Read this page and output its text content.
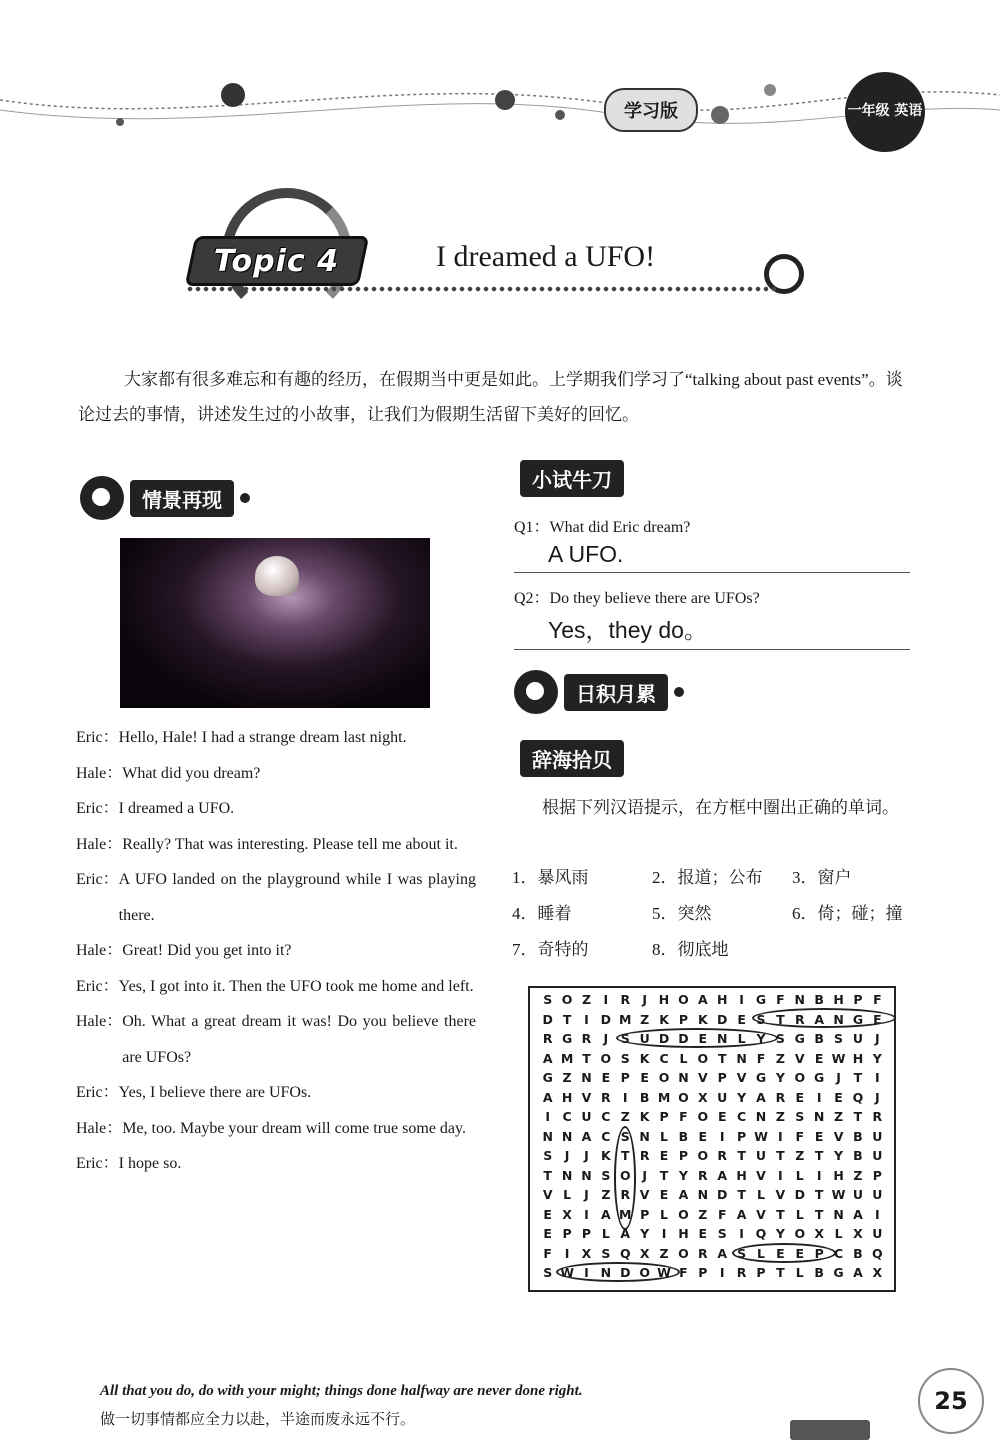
学习版	一年级 英语
Topic 4	I dreamed a UFO!

大家都有很多难忘和有趣的经历，在假期当中更是如此。上学期我们学习了“talking about past events”。谈论过去的事情，讲述发生过的小故事，让我们为假期生活留下美好的回忆。

情景再现
Eric： Hello, Hale! I had a strange dream last night.
Hale： What did you dream?
Eric： I dreamed a UFO.
Hale： Really? That was interesting. Please tell me about it.
Eric： A UFO landed on the playground while I was playing there.
Hale： Great! Did you get into it?
Eric： Yes, I got into it. Then the UFO took me home and left.
Hale： Oh. What a great dream it was! Do you believe there are UFOs?
Eric： Yes, I believe there are UFOs.
Hale： Me, too. Maybe your dream will come true some day.
Eric： I hope so.
小试牛刀
Q1：What did Eric dream?
A UFO.
Q2：Do they believe there are UFOs?
Yes，they do。
日积月累
辞海拾贝
根据下列汉语提示，在方框中圈出正确的单词。
1．暴风雨	2．报道；公布	3．窗户
4．睡着	5．突然	6．倚；碰；撞
7．奇特的	8．彻底地
S O Z	I R J H O A H I G F N B H P F
D T	I D M Z K P K D E S T R A N G E
R G R J	S U D D E N L Y S G B S U J
A M T O S K C L O T N F Z V E W H Y
G Z N E P E O N V P V G Y O G J	T	I
A H V R I B M O X U Y A R E	I	E Q J
I C U C Z K P F O E C N Z S N Z T R
N N A C S N L B E	I P W I	F E V B U
S	J	J K T R E P O R T U T Z T Y B U
T N N S O J	T Y R A H V I	L	I H Z P
V L	J	Z R V E A N D T L V D T W U U
E X I A M P L O Z F A V T L T N A I
E P P L A Y	I H E S	I Q Y O X L X U
F	I X S Q X Z O R A S L E E P C B Q
S W I N D O W F P I R P T L B G A X
All that you do, do with your might; things done halfway are never done right.
做一切事情都应全力以赴，半途而废永远不行。
25
